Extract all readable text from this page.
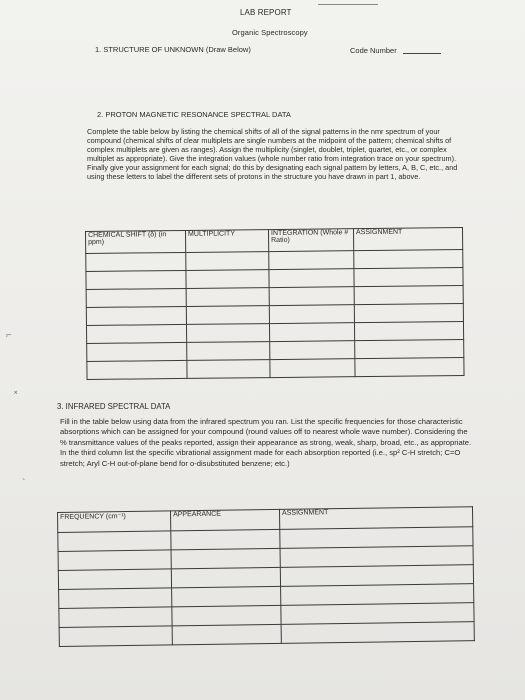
LAB REPORT
Organic Spectroscopy
1. STRUCTURE OF UNKNOWN (Draw Below)	Code Number
2. PROTON MAGNETIC RESONANCE SPECTRAL DATA
Complete the table below by listing the chemical shifts of all of the signal patterns in the nmr spectrum of your compound (chemical shifts of clear multiplets are single numbers at the midpoint of the pattern; chemical shifts of complex multiplets are given as ranges). Assign the multiplicity (singlet, doublet, triplet, quartet, etc., or complex multiplet as appropriate). Give the integration values (whole number ratio from integration trace on your spectrum). Finally give your assignment for each signal; do this by designating each signal pattern by letters, A, B, C, etc., and using these letters to label the different sets of protons in the structure you have drawn in part 1, above.
CHEMICAL SHIFT (δ) (in ppm)	MULTIPLICITY	INTEGRATION (Whole # Ratio)	ASSIGNMENT

3. INFRARED SPECTRAL DATA
Fill in the table below using data from the infrared spectrum you ran. List the specific frequencies for those characteristic absorptions which can be assigned for your compound (round values off to nearest whole wave number). Considering the % transmittance values of the peaks reported, assign their appearance as strong, weak, sharp, broad, etc., as appropriate. In the third column list the specific vibrational assignment made for each absorption reported (i.e., sp² C-H stretch; C=O stretch; Aryl C-H out-of-plane bend for o-disubstituted benzene; etc.)
FREQUENCY (cm⁻¹)	APPEARANCE	ASSIGNMENT

⌐
˟
`
